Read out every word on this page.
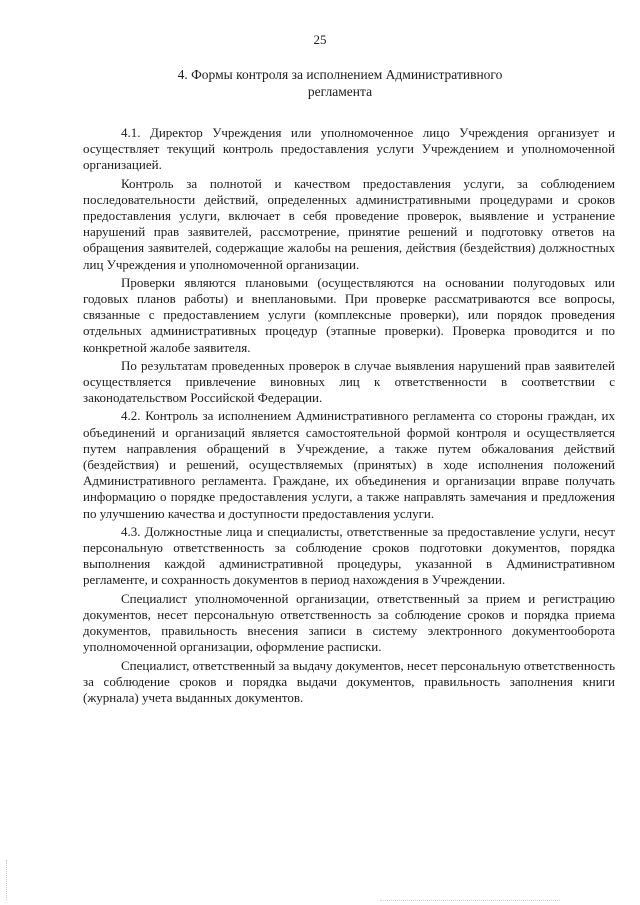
25
4. Формы контроля за исполнением Административного
регламента

4.1. Директор Учреждения или уполномоченное лицо Учреждения организует и осуществляет текущий контроль предоставления услуги Учреждением и уполномоченной организацией.

Контроль за полнотой и качеством предоставления услуги, за соблюдением последовательности действий, определенных административными процедурами и сроков предоставления услуги, включает в себя проведение проверок, выявление и устранение нарушений прав заявителей, рассмотрение, принятие решений и подготовку ответов на обращения заявителей, содержащие жалобы на решения, действия (бездействия) должностных лиц Учреждения и уполномоченной организации.

Проверки являются плановыми (осуществляются на основании полугодовых или годовых планов работы) и внеплановыми. При проверке рассматриваются все вопросы, связанные с предоставлением услуги (комплексные проверки), или порядок проведения отдельных административных процедур (этапные проверки). Проверка проводится и по конкретной жалобе заявителя.

По результатам проведенных проверок в случае выявления нарушений прав заявителей осуществляется привлечение виновных лиц к ответственности в соответствии с законодательством Российской Федерации.

4.2. Контроль за исполнением Административного регламента со стороны граждан, их объединений и организаций является самостоятельной формой контроля и осуществляется путем направления обращений в Учреждение, а также путем обжалования действий (бездействия) и решений, осуществляемых (принятых) в ходе исполнения положений Административного регламента. Граждане, их объединения и организации вправе получать информацию о порядке предоставления услуги, а также направлять замечания и предложения по улучшению качества и доступности предоставления услуги.

4.3. Должностные лица и специалисты, ответственные за предоставление услуги, несут персональную ответственность за соблюдение сроков подготовки документов, порядка выполнения каждой административной процедуры, указанной в Административном регламенте, и сохранность документов в период нахождения в Учреждении.

Специалист уполномоченной организации, ответственный за прием и регистрацию документов, несет персональную ответственность за соблюдение сроков и порядка приема документов, правильность внесения записи в систему электронного документооборота уполномоченной организации, оформление расписки.

Специалист, ответственный за выдачу документов, несет персональную ответственность за соблюдение сроков и порядка выдачи документов, правильность заполнения книги (журнала) учета выданных документов.
